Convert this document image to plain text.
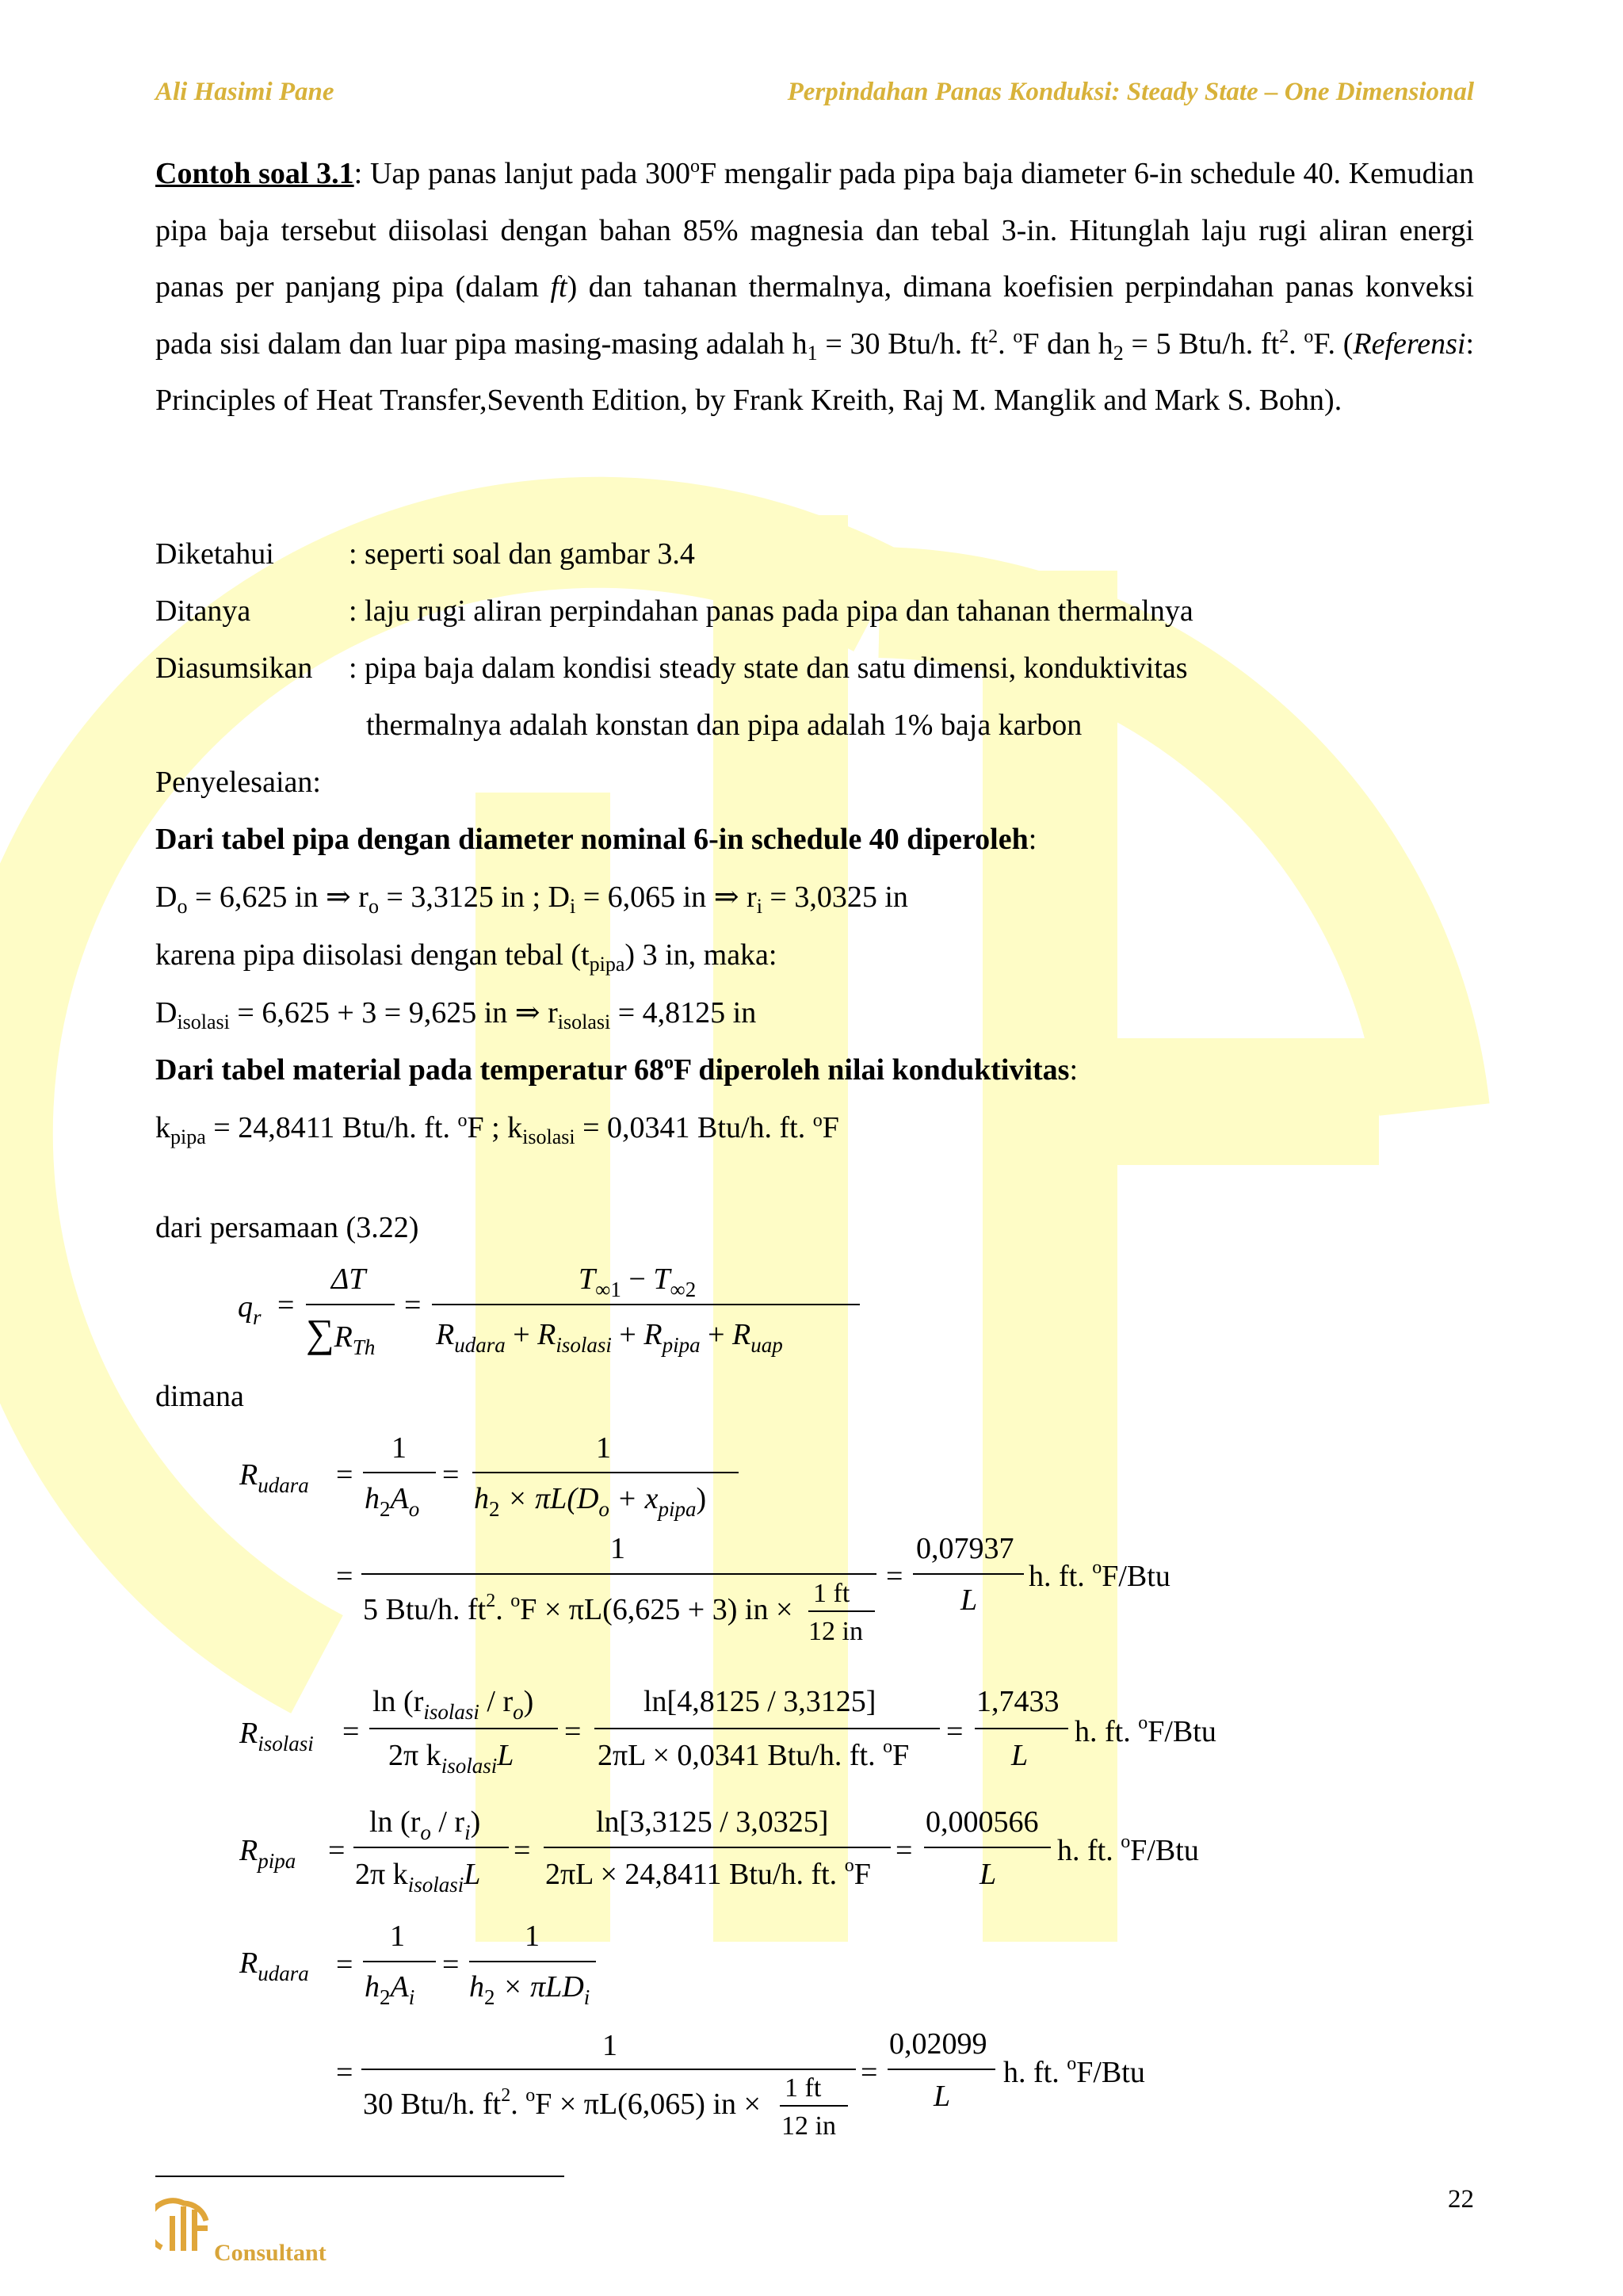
Ali Hasimi Pane	Perpindahan Panas Konduksi: Steady State – One Dimensional
Contoh soal 3.1: Uap panas lanjut pada 300$^o$F mengalir pada pipa baja diameter 6-in schedule 40. Kemudian pipa baja tersebut diisolasi dengan bahan 85% magnesia dan tebal 3-in. Hitunglah laju rugi aliran energi panas per panjang pipa (dalam ft) dan tahanan thermalnya, dimana koefisien perpindahan panas konveksi pada sisi dalam dan luar pipa masing-masing adalah $h_1 = 30$ Btu/h. $ft^2$. $^o$F dan $h_2 = 5$ Btu/h. $ft^2$. $^o$F. (Referensi: Principles of Heat Transfer,Seventh Edition, by Frank Kreith, Raj M. Manglik and Mark S. Bohn).
Diketahui : seperti soal dan gambar 3.4
Ditanya	: laju rugi aliran perpindahan panas pada pipa dan tahanan thermalnya
Diasumsikan : pipa baja dalam kondisi steady state dan satu dimensi, konduktivitas
thermalnya adalah konstan dan pipa adalah 1% baja karbon
Penyelesaian:
Dari tabel pipa dengan diameter nominal 6-in schedule 40 diperoleh:
$D_o = 6,625$ in ⇒ $r_o = 3,3125$ in ; $D_i = 6,065$ in ⇒ $r_i = 3,0325$ in
karena pipa diisolasi dengan tebal $(t_{pipa})$ 3 in, maka:
$D_{isolasi} = 6,625 + 3 = 9,625$ in ⇒ $r_{isolasi} = 4,8125$ in
Dari tabel material pada temperatur 68$^o$F diperoleh nilai konduktivitas:
$k_{pipa} = 24,8411$ Btu/h. ft. $^o$F ; $k_{isolasi} = 0,0341$ Btu/h. ft. $^o$F
dari persamaan (3.22)
$q_r$ =
ΔT
$\sum R_{Th}$
=
$T_{\infty 1} - T_{\infty 2}$
$R_{udara} + R_{isolasi} + R_{pipa} + R_{uap}$
dimana
$R_{udara}$ =
1
$h_2A_o$
=
1
$h_2 \times \pi L(D_o + x_{pipa})$
=
1
5 Btu/h. $ft^2$. $^o$F × πL(6,625 + 3) in × 1 ft
12 in
=
0,07937
L
h. ft. $^o$F/Btu
$R_{isolasi}$ =
$\ln (r_{isolasi} / r_o)$
2π $k_{isolasi}L$
=
ln[4,8125 / 3,3125]
2πL × 0,0341 Btu/h. ft. $^o$F
=
1,7433
L
h. ft. $^o$F/Btu
$R_{pipa}$ =
$\ln (r_o / r_i)$
2π $k_{isolasi}L$
=
ln[3,3125 / 3,0325]
2πL × 24,8411 Btu/h. ft. $^o$F
=
0,000566
L
h. ft. $^o$F/Btu
$R_{udara}$ =
1
$h_2A_i$
=
1
$h_2 \times \pi LD_i$
=
1
30 Btu/h. $ft^2$. $^o$F × πL(6,065) in × 1 ft
12 in
=
0,02099
L
h. ft. $^o$F/Btu
22
Consultant
